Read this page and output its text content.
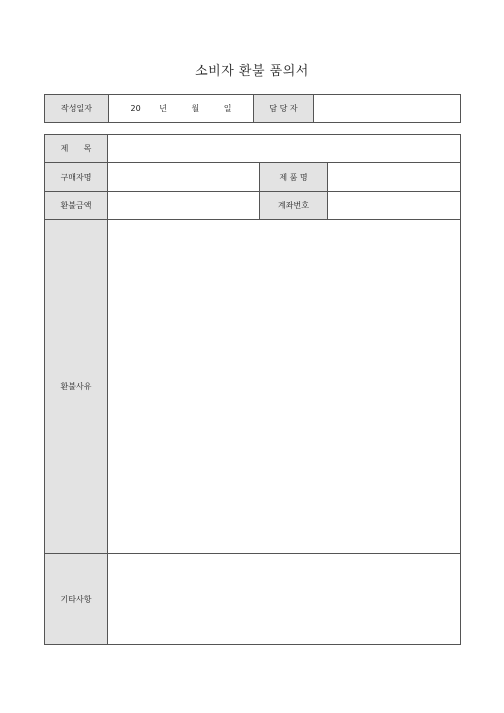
소비자 환불 품의서
작성일자	20 년	월	일	담 당 자	
제      목			
구매자명		제 품 명	
환불금액		계좌번호	
환불사유			
기타사항			
